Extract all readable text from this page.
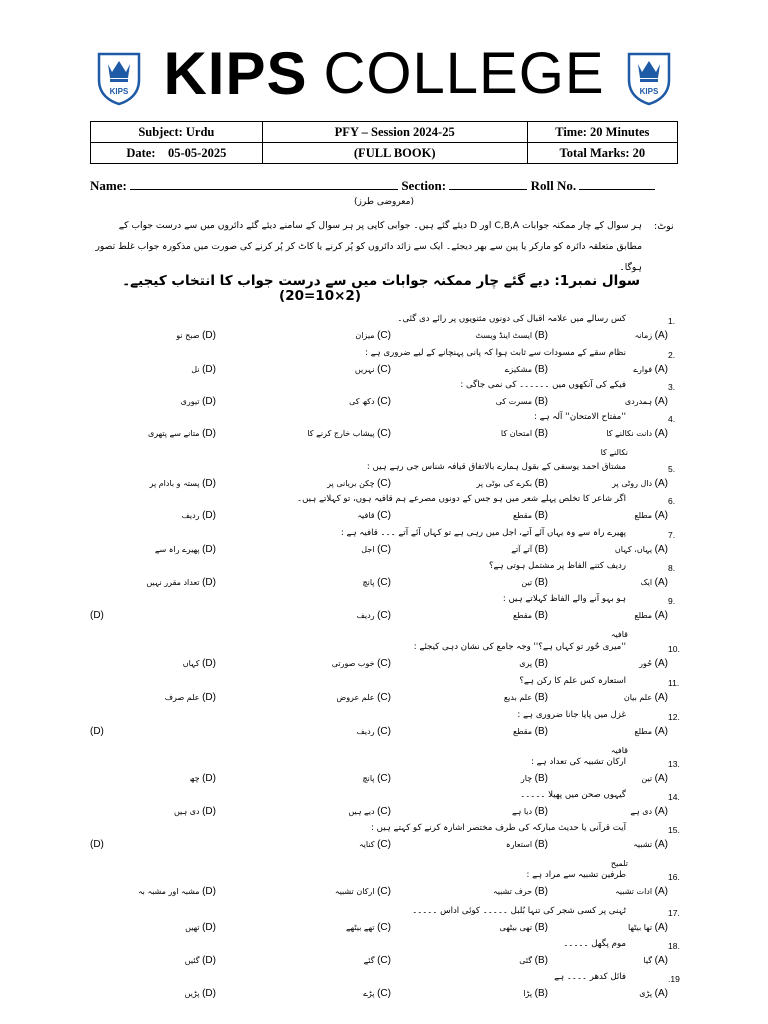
KIPS	KIPS
KIPS COLLEGE
Subject: Urdu	PFY – Session 2024-25	Time: 20 Minutes
Date: 05-05-2025	(FULL BOOK)	Total Marks: 20
Name:	Section:	Roll No.
(معروضی طرز)
نوٹ:
ہر سوال کے چار ممکنہ جوابات C,B,A اور D دیئے گئے ہیں۔ جوابی کاپی پر ہر سوال کے سامنے دیئے گئے دائروں میں سے درست جواب کے مطابق متعلقہ دائرہ کو مارکر یا پین سے بھر دیجئے۔ ایک سے زائد دائروں کو پُر کرنے یا کاٹ کر پُر کرنے کی صورت میں مذکورہ جواب غلط تصور ہوگا۔
سوال نمبر1: دیے گئے چار ممکنہ جوابات میں سے درست جواب کا انتخاب کیجیے۔
(2×10=20)
1.
کس رسالے میں علامہ اقبال کی دونوں مثنویوں پر رائے دی گئی۔
(A) زمانہ
(B) ایسٹ اینڈ ویسٹ
(C) میزان
(D) صبح نو
2.
نظام سقے کے مسودات سے ثابت ہوا کہ پانی پہنچانے کے لیے ضروری ہے :
(A) فوارے
(B) مشکیزے
(C) نہریں
(D) نل
3.
فیکے کی آنکھوں میں ۔۔۔۔۔۔ کی نمی جاگی :
(A) ہمدردی
(B) مسرت کی
(C) دکھ کی
(D) تیوری
4.
''مفتاح الامتحان'' آلہ ہے :
(A) دانت نکالنے کا
(B) امتحان کا
(C) پیشاب خارج کرنے کا
(D) متانے سے پتھری
نکالنے کا
5.
مشتاق احمد یوسفی کے بقول ہمارے بالاتفاق قیافہ شناس جی رہے ہیں :
(A) دال روٹی پر
(B) بکرے کی بوٹی پر
(C) چکن بریانی پر
(D) پستہ و بادام پر
6.
اگر شاعر کا تخلص پہلے شعر میں ہو جس کے دونوں مصرعے ہم قافیہ ہوں، تو کہلاتے ہیں۔
(A) مطلع
(B) مقطع
(C) قافیہ
(D) ردیف
7.
پھیرے راہ سے وہ یہاں آئے آتے، اجل میں رہی ہے تو کہاں آئے آتے ۔۔۔ قافیہ ہے :
(A) یہاں، کہاں
(B) آتے آتے
(C) اجل
(D) پھیرے راہ سے
8.
ردیف کتنے الفاظ پر مشتمل ہوتی ہے؟
(A) ایک
(B) تین
(C) پانچ
(D) تعداد مقرر نہیں
9.
ہو بہو آنے والے الفاظ کہلاتے ہیں :
(A) مطلع
(B) مقطع
(C) ردیف
(D)
قافیہ
10.
''میری حُور تو کہاں ہے؟'' وجہ جامع کی نشان دہی کیجئے :
(A) حُور
(B) پری
(C) خوب صورتی
(D) کہاں
11.
استعارہ کس علم کا رکن ہے؟
(A) علم بیان
(B) علم بدیع
(C) علم عروض
(D) علم صرف
12.
غزل میں پایا جانا ضروری ہے :
(A) مطلع
(B) مقطع
(C) ردیف
(D)
قافیہ
13.
ارکان تشبیہ کی تعداد ہے :
(A) تین
(B) چار
(C) پانچ
(D) چھ
14.
گیہوں صحن میں پھیلا ۔۔۔۔۔
(A) دی ہے
(B) دیا ہے
(C) دیے ہیں
(D) دی ہیں
15.
آیت قرآنی یا حدیث مبارکہ کی طرف مختصر اشارہ کرنے کو کہتے ہیں :
(A) تشبیہ
(B) استعارہ
(C) کنایہ
(D)
تلمیح
16.
طرفین تشبیہ سے مراد ہے :
(A) ادات تشبیہ
(B) حرف تشبیہ
(C) ارکان تشبیہ
(D) مشبہ اور مشبہ بہ
17.
ٹہنی پر کسی شجر کی تنہا بُلبل ۔۔۔۔۔ کوئی اداس ۔۔۔۔۔
(A) تھا بیٹھا
(B) تھی بیٹھی
(C) تھے بیٹھے
(D) تھیں
18.
موم پگھل ۔۔۔۔۔
(A) گیا
(B) گئی
(C) گئے
(D) گئیں
.19
فائل کدھر ۔۔۔۔ ہے
(A) پڑی
(B) پڑا
(C) پڑے
(D) پڑیں
